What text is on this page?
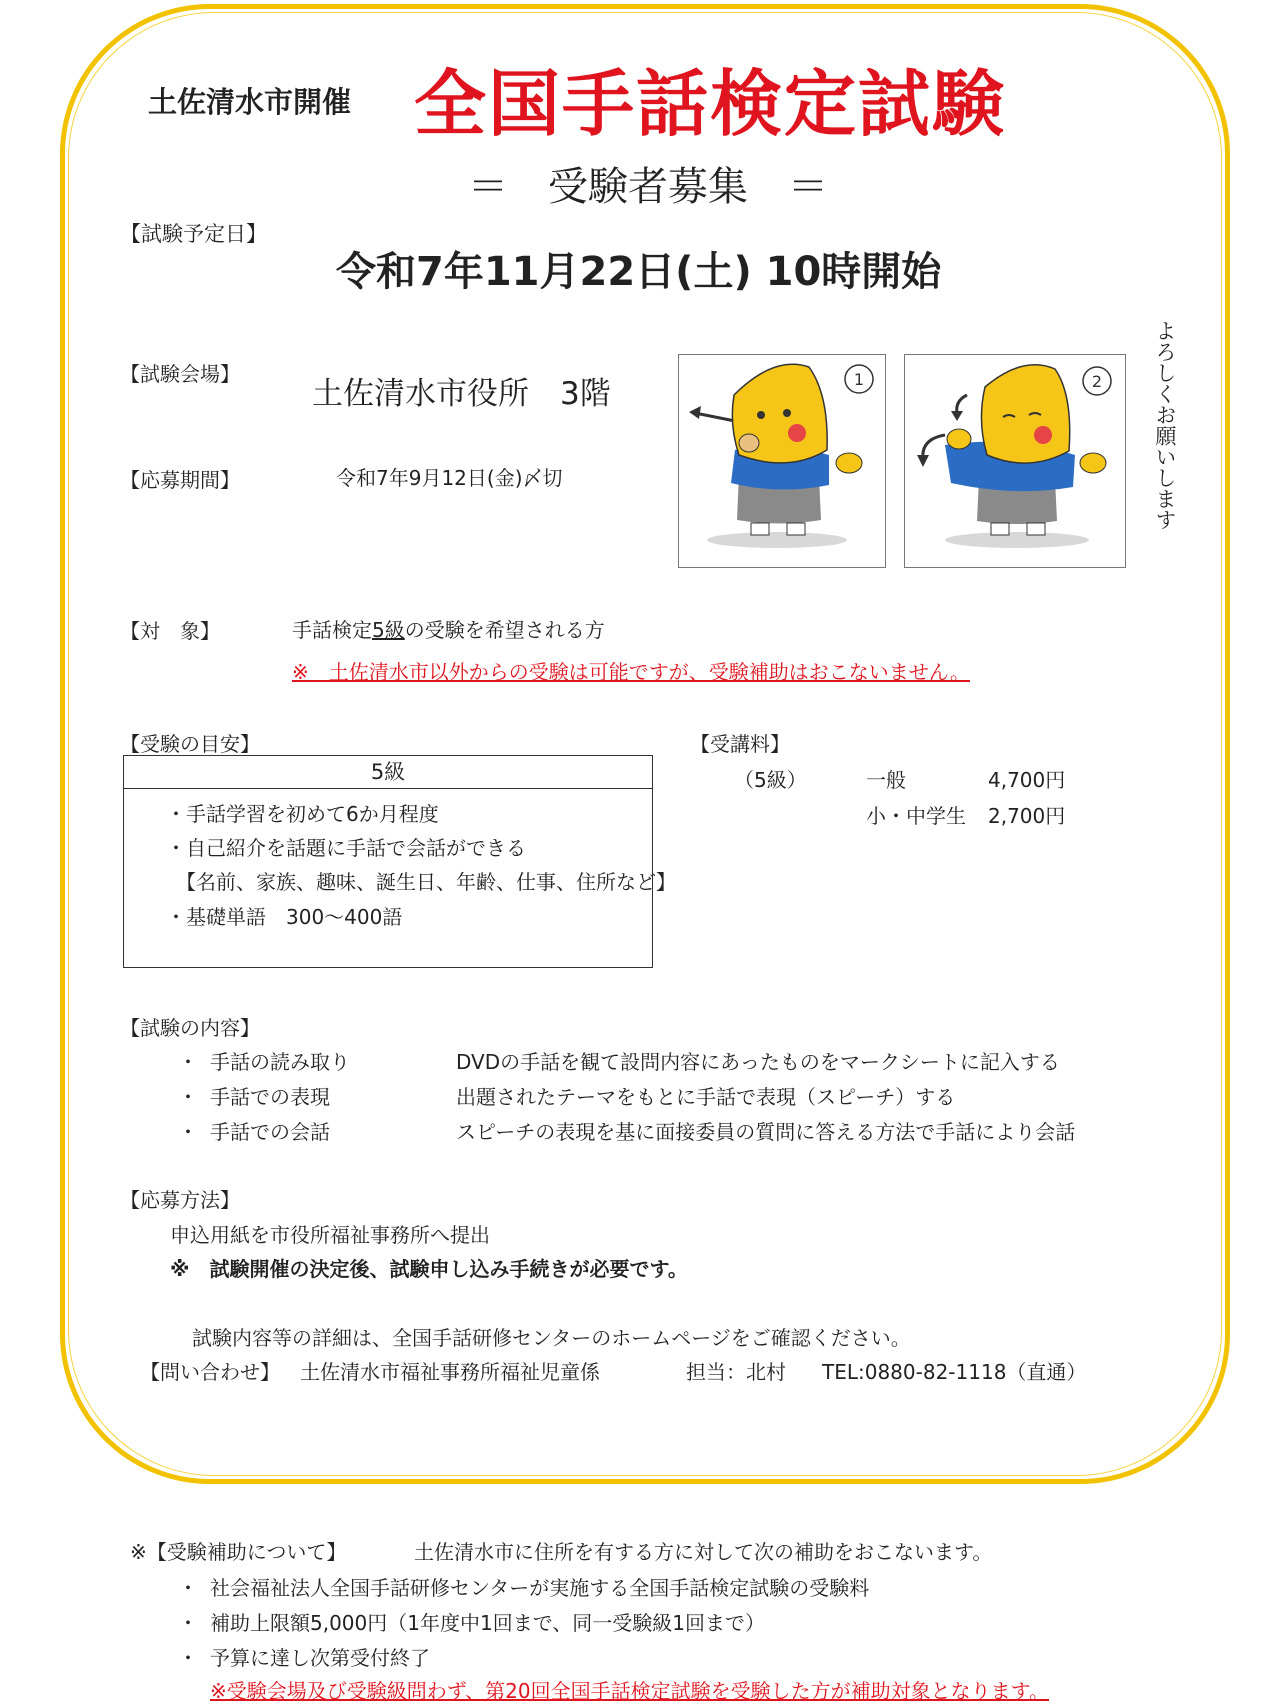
土佐清水市開催 全国手話検定試験
＝　受験者募集　＝
【試験予定日】
令和7年11月22日(土) 10時開始
【試験会場】
土佐清水市役所　3階
【応募期間】	令和7年9月12日(金)〆切
1	2 よろしくお願いします
【対　象】	手話検定5級の受験を希望される方
※　土佐清水市以外からの受験は可能ですが、受験補助はおこないません。
【受験の目安】
5級
・手話学習を初めて6か月程度
・自己紹介を話題に手話で会話ができる
【名前、家族、趣味、誕生日、年齢、仕事、住所など】
・基礎単語　300～400語
【受講料】
（5級）	一般	4,700円
小・中学生 2,700円
【試験の内容】
・ 手話の読み取り	DVDの手話を観て設問内容にあったものをマークシートに記入する
・ 手話での表現	出題されたテーマをもとに手話で表現（スピーチ）する
・ 手話での会話	スピーチの表現を基に面接委員の質問に答える方法で手話により会話
【応募方法】
申込用紙を市役所福祉事務所へ提出
※　試験開催の決定後、試験申し込み手続きが必要です。
試験内容等の詳細は、全国手話研修センターのホームページをご確認ください。
【問い合わせ】 土佐清水市福祉事務所福祉児童係	担当：北村 TEL:0880-82-1118（直通）
※【受験補助について】	土佐清水市に住所を有する方に対して次の補助をおこないます。
・ 社会福祉法人全国手話研修センターが実施する全国手話検定試験の受験料
・ 補助上限額5,000円（1年度中1回まで、同一受験級1回まで）
・ 予算に達し次第受付終了
※受験会場及び受験級問わず、第20回全国手話検定試験を受験した方が補助対象となります。
